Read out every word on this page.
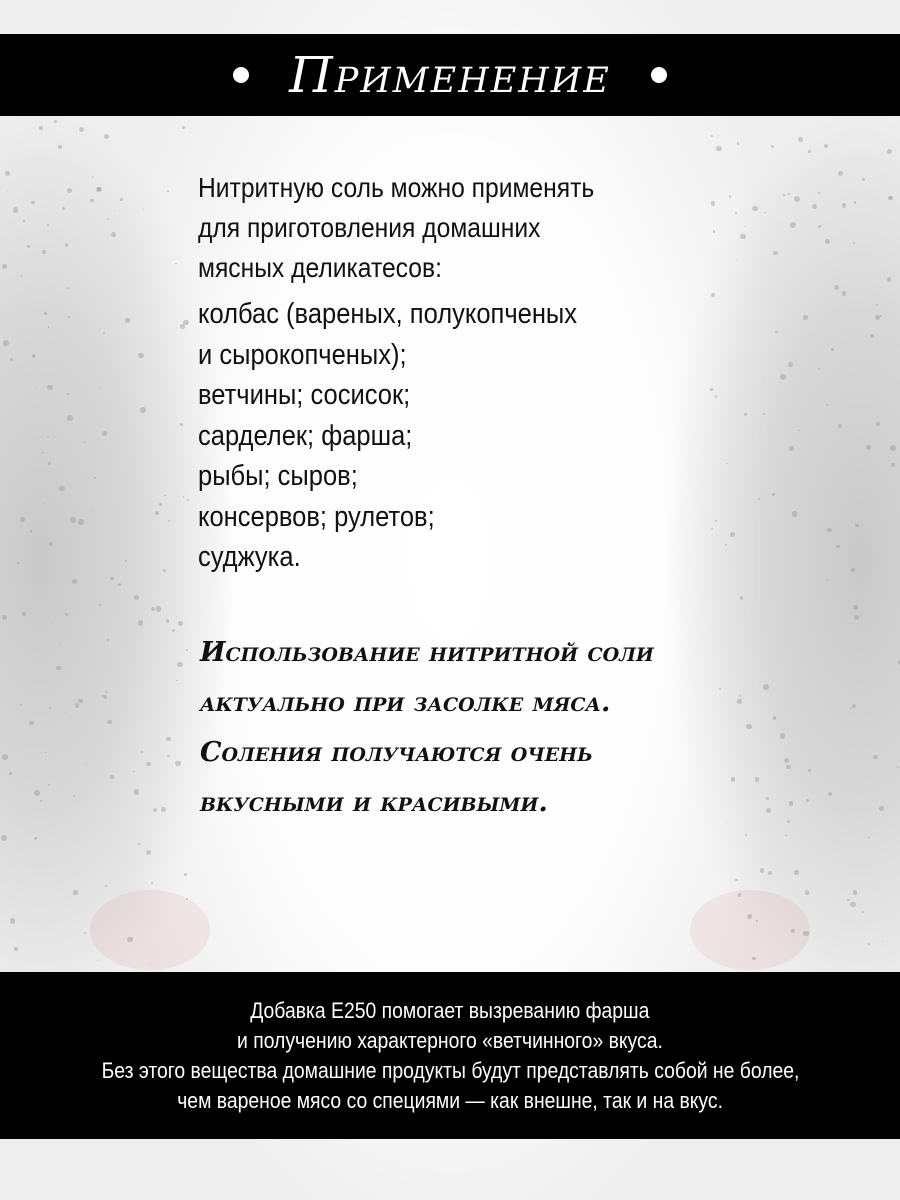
Применение

Нитритную соль можно применять

для приготовления домашних

мясных деликатесов:

колбас (вареных, полукопченых
и сырокопченых);
ветчины; сосисок;
сарделек; фарша;
рыбы; сыров;
консервов; рулетов;
суджука.
Использование нитритной соли
актуально при засолке мяса.
Соления получаются очень
вкусными и красивыми.
Добавка Е250 помогает вызреванию фарша
и получению характерного «ветчинного» вкуса.
Без этого вещества домашние продукты будут представлять собой не более,
чем вареное мясо со специями — как внешне, так и на вкус.
